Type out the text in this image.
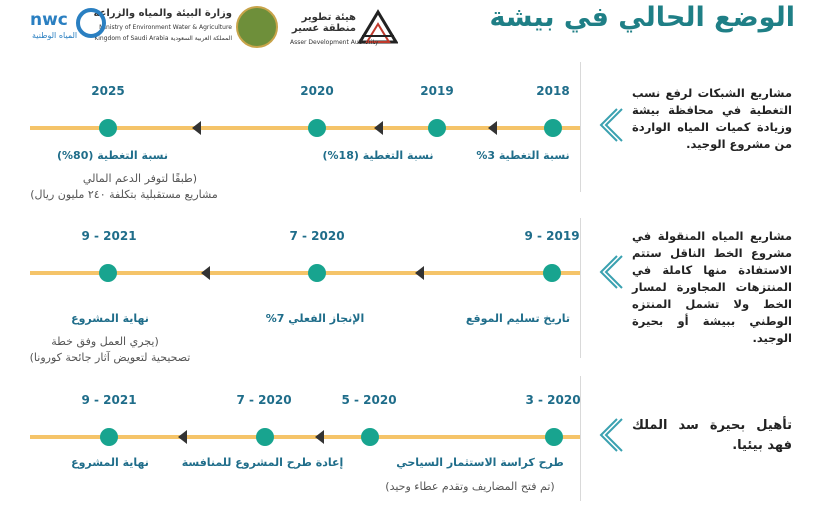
الوضع الحالي في بيشة
هيئة تطوير منطقة عسير
Asser Development Authority
وزارة البيئة والمياه والزراعة
Ministry of Environment Water & Agriculture
Kingdom of Saudi Arabia المملكة العربية السعودية
nwc
المياه الوطنية
مشاريع الشبكات لرفع نسب التغطية في محافظة بيشة وزيادة كميات المياه الواردة من مشروع الوجيد.
مشاريع المياه المنقولة في مشروع الخط الناقل ستتم الاستفادة منها كاملة في المنتزهات المجاورة لمسار الخط ولا تشمل المنتزه الوطني ببيشة أو بحيرة الوجيد.
تأهيل بحيرة سد الملك فهد بيئيا.
2018
2019
2020
2025
نسبة التغطية 3%
نسبة التغطية (18%)
نسبة التغطية (80%)
(طبقًا لتوفر الدعم المالي
مشاريع مستقبلية بتكلفة ٢٤٠ مليون ريال)
9 - 2019
7 - 2020
9 - 2021
تاريخ تسليم الموقع
الإنجاز الفعلي 7%
نهاية المشروع
(يجري العمل وفق خطة
تصحيحية لتعويض آثار جائحة كورونا)
3 - 2020
5 - 2020
7 - 2020
9 - 2021
طرح كراسة الاستثمار السياحي
إعادة طرح المشروع للمنافسة
نهاية المشروع
(تم فتح المضاريف وتقدم عطاء وحيد)
